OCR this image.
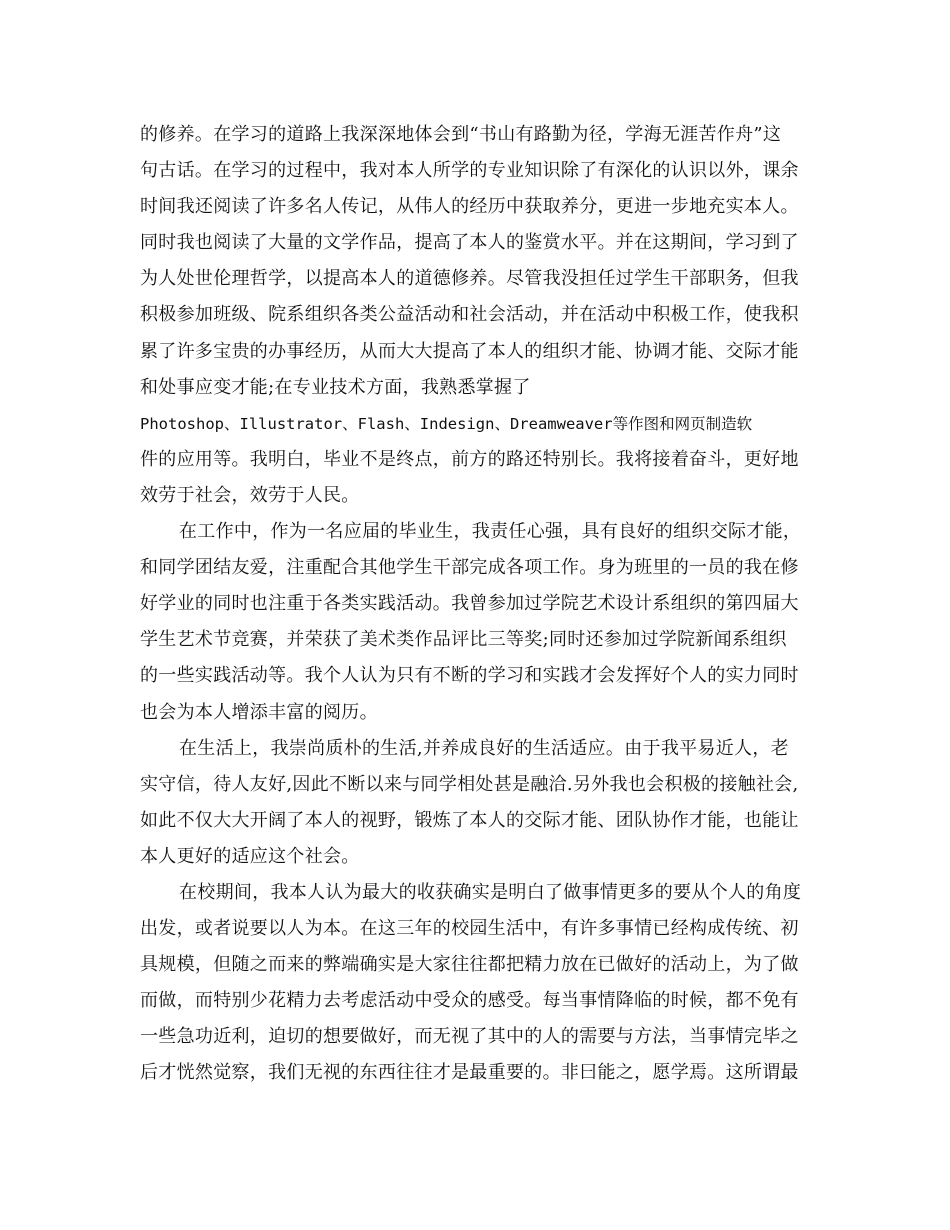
的修养。在学习的道路上我深深地体会到“书山有路勤为径，学海无涯苦作舟”这
句古话。在学习的过程中，我对本人所学的专业知识除了有深化的认识以外，课余
时间我还阅读了许多名人传记，从伟人的经历中获取养分，更进一步地充实本人。
同时我也阅读了大量的文学作品，提高了本人的鉴赏水平。并在这期间，学习到了
为人处世伦理哲学，以提高本人的道德修养。尽管我没担任过学生干部职务，但我
积极参加班级、院系组织各类公益活动和社会活动，并在活动中积极工作，使我积
累了许多宝贵的办事经历，从而大大提高了本人的组织才能、协调才能、交际才能
和处事应变才能;在专业技术方面，我熟悉掌握了
Photoshop、Illustrator、Flash、Indesign、Dreamweaver等作图和网页制造软
件的应用等。我明白，毕业不是终点，前方的路还特别长。我将接着奋斗，更好地
效劳于社会，效劳于人民。
在工作中，作为一名应届的毕业生，我责任心强，具有良好的组织交际才能，
和同学团结友爱，注重配合其他学生干部完成各项工作。身为班里的一员的我在修
好学业的同时也注重于各类实践活动。我曾参加过学院艺术设计系组织的第四届大
学生艺术节竞赛，并荣获了美术类作品评比三等奖;同时还参加过学院新闻系组织
的一些实践活动等。我个人认为只有不断的学习和实践才会发挥好个人的实力同时
也会为本人增添丰富的阅历。
在生活上，我崇尚质朴的生活,并养成良好的生活适应。由于我平易近人，老
实守信，待人友好,因此不断以来与同学相处甚是融洽.另外我也会积极的接触社会,
如此不仅大大开阔了本人的视野，锻炼了本人的交际才能、团队协作才能，也能让
本人更好的适应这个社会。
在校期间，我本人认为最大的收获确实是明白了做事情更多的要从个人的角度
出发，或者说要以人为本。在这三年的校园生活中，有许多事情已经构成传统、初
具规模，但随之而来的弊端确实是大家往往都把精力放在已做好的活动上，为了做
而做，而特别少花精力去考虑活动中受众的感受。每当事情降临的时候，都不免有
一些急功近利，迫切的想要做好，而无视了其中的人的需要与方法，当事情完毕之
后才恍然觉察，我们无视的东西往往才是最重要的。非曰能之，愿学焉。这所谓最
